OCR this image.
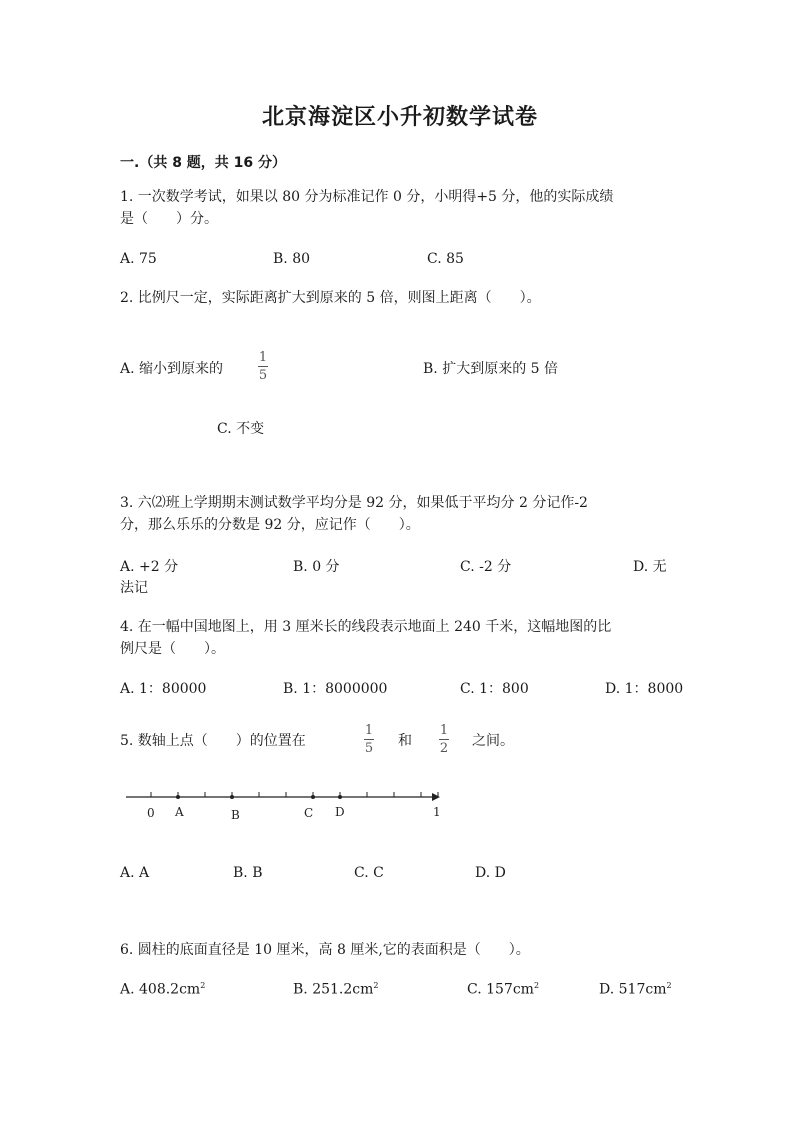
北京海淀区小升初数学试卷
一.（共 8 题，共 16 分）
1. 一次数学考试，如果以 80 分为标准记作 0 分，小明得+5 分，他的实际成绩
是（　　）分。
A. 75	B. 80	C. 85
2. 比例尺一定，实际距离扩大到原来的 5 倍，则图上距离（　　）。
A. 缩小到原来的
1
5	B. 扩大到原来的 5 倍
C. 不变
3. 六⑵班上学期期末测试数学平均分是 92 分，如果低于平均分 2 分记作-2
分，那么乐乐的分数是 92 分，应记作（　　）。
A. +2 分	B. 0 分	C. -2 分	D. 无
法记
4. 在一幅中国地图上，用 3 厘米长的线段表示地面上 240 千米，这幅地图的比
例尺是（　　）。
A. 1：80000	B. 1：8000000	C. 1：800	D. 1：8000
5. 数轴上点（　　）的位置在
1
5 和
1
2 之间。
0 A	B	C D	1
A. A	B. B	C. C	D. D
6. 圆柱的底面直径是 10 厘米，高 8 厘米,它的表面积是（　　）。
A. $408.2cm^2$	B. $251.2cm^2$	C. $157cm^2$	D. $517cm^2$
